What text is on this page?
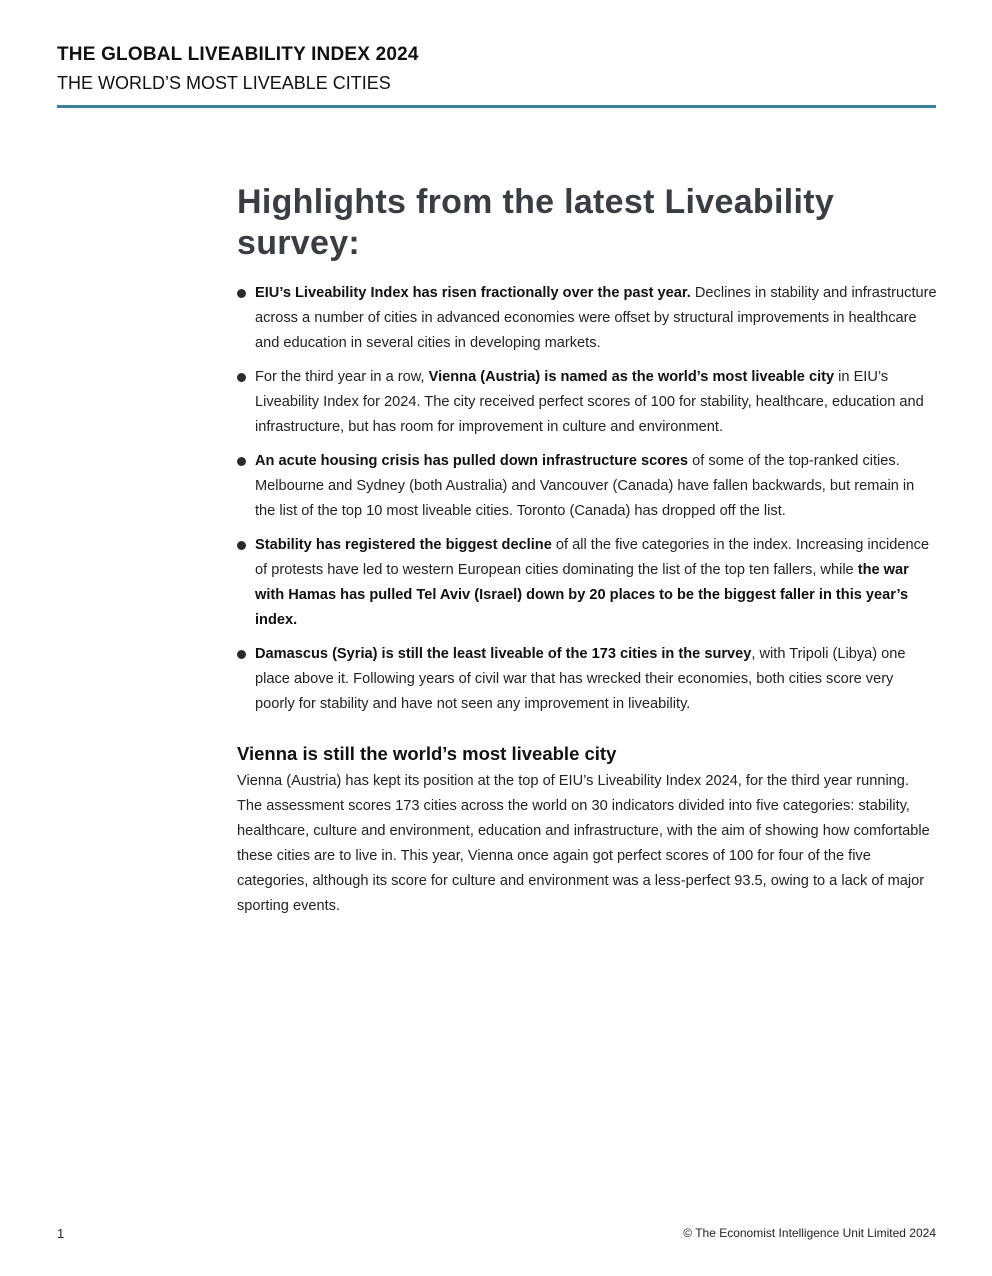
THE GLOBAL LIVEABILITY INDEX 2024
THE WORLD’S MOST LIVEABLE CITIES
Highlights from the latest Liveability survey:
EIU’s Liveability Index has risen fractionally over the past year. Declines in stability and infrastructure across a number of cities in advanced economies were offset by structural improvements in healthcare and education in several cities in developing markets.
For the third year in a row, Vienna (Austria) is named as the world’s most liveable city in EIU’s Liveability Index for 2024. The city received perfect scores of 100 for stability, healthcare, education and infrastructure, but has room for improvement in culture and environment.
An acute housing crisis has pulled down infrastructure scores of some of the top-ranked cities. Melbourne and Sydney (both Australia) and Vancouver (Canada) have fallen backwards, but remain in the list of the top 10 most liveable cities. Toronto (Canada) has dropped off the list.
Stability has registered the biggest decline of all the five categories in the index. Increasing incidence of protests have led to western European cities dominating the list of the top ten fallers, while the war with Hamas has pulled Tel Aviv (Israel) down by 20 places to be the biggest faller in this year’s index.
Damascus (Syria) is still the least liveable of the 173 cities in the survey, with Tripoli (Libya) one place above it. Following years of civil war that has wrecked their economies, both cities score very poorly for stability and have not seen any improvement in liveability.
Vienna is still the world’s most liveable city

Vienna (Austria) has kept its position at the top of EIU’s Liveability Index 2024, for the third year running. The assessment scores 173 cities across the world on 30 indicators divided into five categories: stability, healthcare, culture and environment, education and infrastructure, with the aim of showing how comfortable these cities are to live in. This year, Vienna once again got perfect scores of 100 for four of the five categories, although its score for culture and environment was a less-perfect 93.5, owing to a lack of major sporting events.

1	© The Economist Intelligence Unit Limited 2024
